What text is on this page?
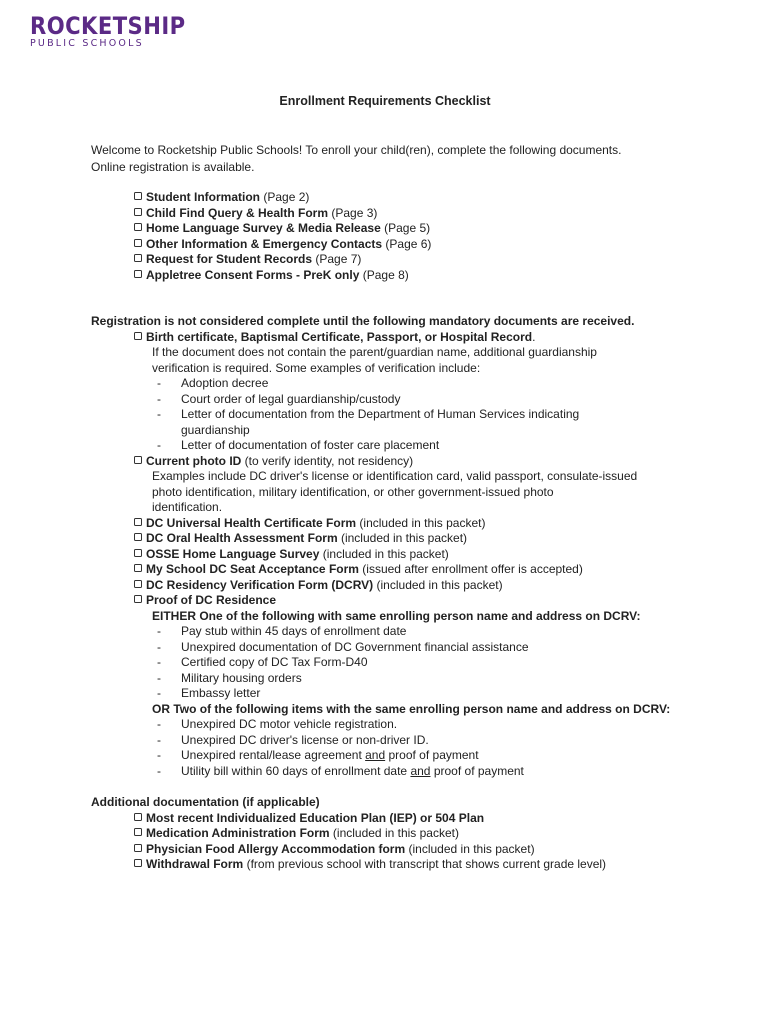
ROCKETSHIP
PUBLIC SCHOOLS
Enrollment Requirements Checklist

Welcome to Rocketship Public Schools! To enroll your child(ren), complete the following documents.

Online registration is available.

Student Information (Page 2)
Child Find Query & Health Form (Page 3)
Home Language Survey & Media Release (Page 5)
Other Information & Emergency Contacts (Page 6)
Request for Student Records (Page 7)
Appletree Consent Forms - PreK only (Page 8)
Registration is not considered complete until the following mandatory documents are received.
Birth certificate, Baptismal Certificate, Passport, or Hospital Record.
If the document does not contain the parent/guardian name, additional guardianship
verification is required. Some examples of verification include:
- Adoption decree
- Court order of legal guardianship/custody
- Letter of documentation from the Department of Human Services indicating
guardianship
- Letter of documentation of foster care placement
Current photo ID (to verify identity, not residency)
Examples include DC driver's license or identification card, valid passport, consulate-issued
photo identification, military identification, or other government-issued photo
identification.
DC Universal Health Certificate Form (included in this packet)
DC Oral Health Assessment Form (included in this packet)
OSSE Home Language Survey (included in this packet)
My School DC Seat Acceptance Form (issued after enrollment offer is accepted)
DC Residency Verification Form (DCRV) (included in this packet)
Proof of DC Residence
EITHER One of the following with same enrolling person name and address on DCRV:
- Pay stub within 45 days of enrollment date
- Unexpired documentation of DC Government financial assistance
- Certified copy of DC Tax Form-D40
- Military housing orders
- Embassy letter
OR Two of the following items with the same enrolling person name and address on DCRV:
- Unexpired DC motor vehicle registration.
- Unexpired DC driver's license or non-driver ID.
- Unexpired rental/lease agreement and proof of payment
- Utility bill within 60 days of enrollment date and proof of payment
Additional documentation (if applicable)
Most recent Individualized Education Plan (IEP) or 504 Plan
Medication Administration Form (included in this packet)
Physician Food Allergy Accommodation form (included in this packet)
Withdrawal Form (from previous school with transcript that shows current grade level)
